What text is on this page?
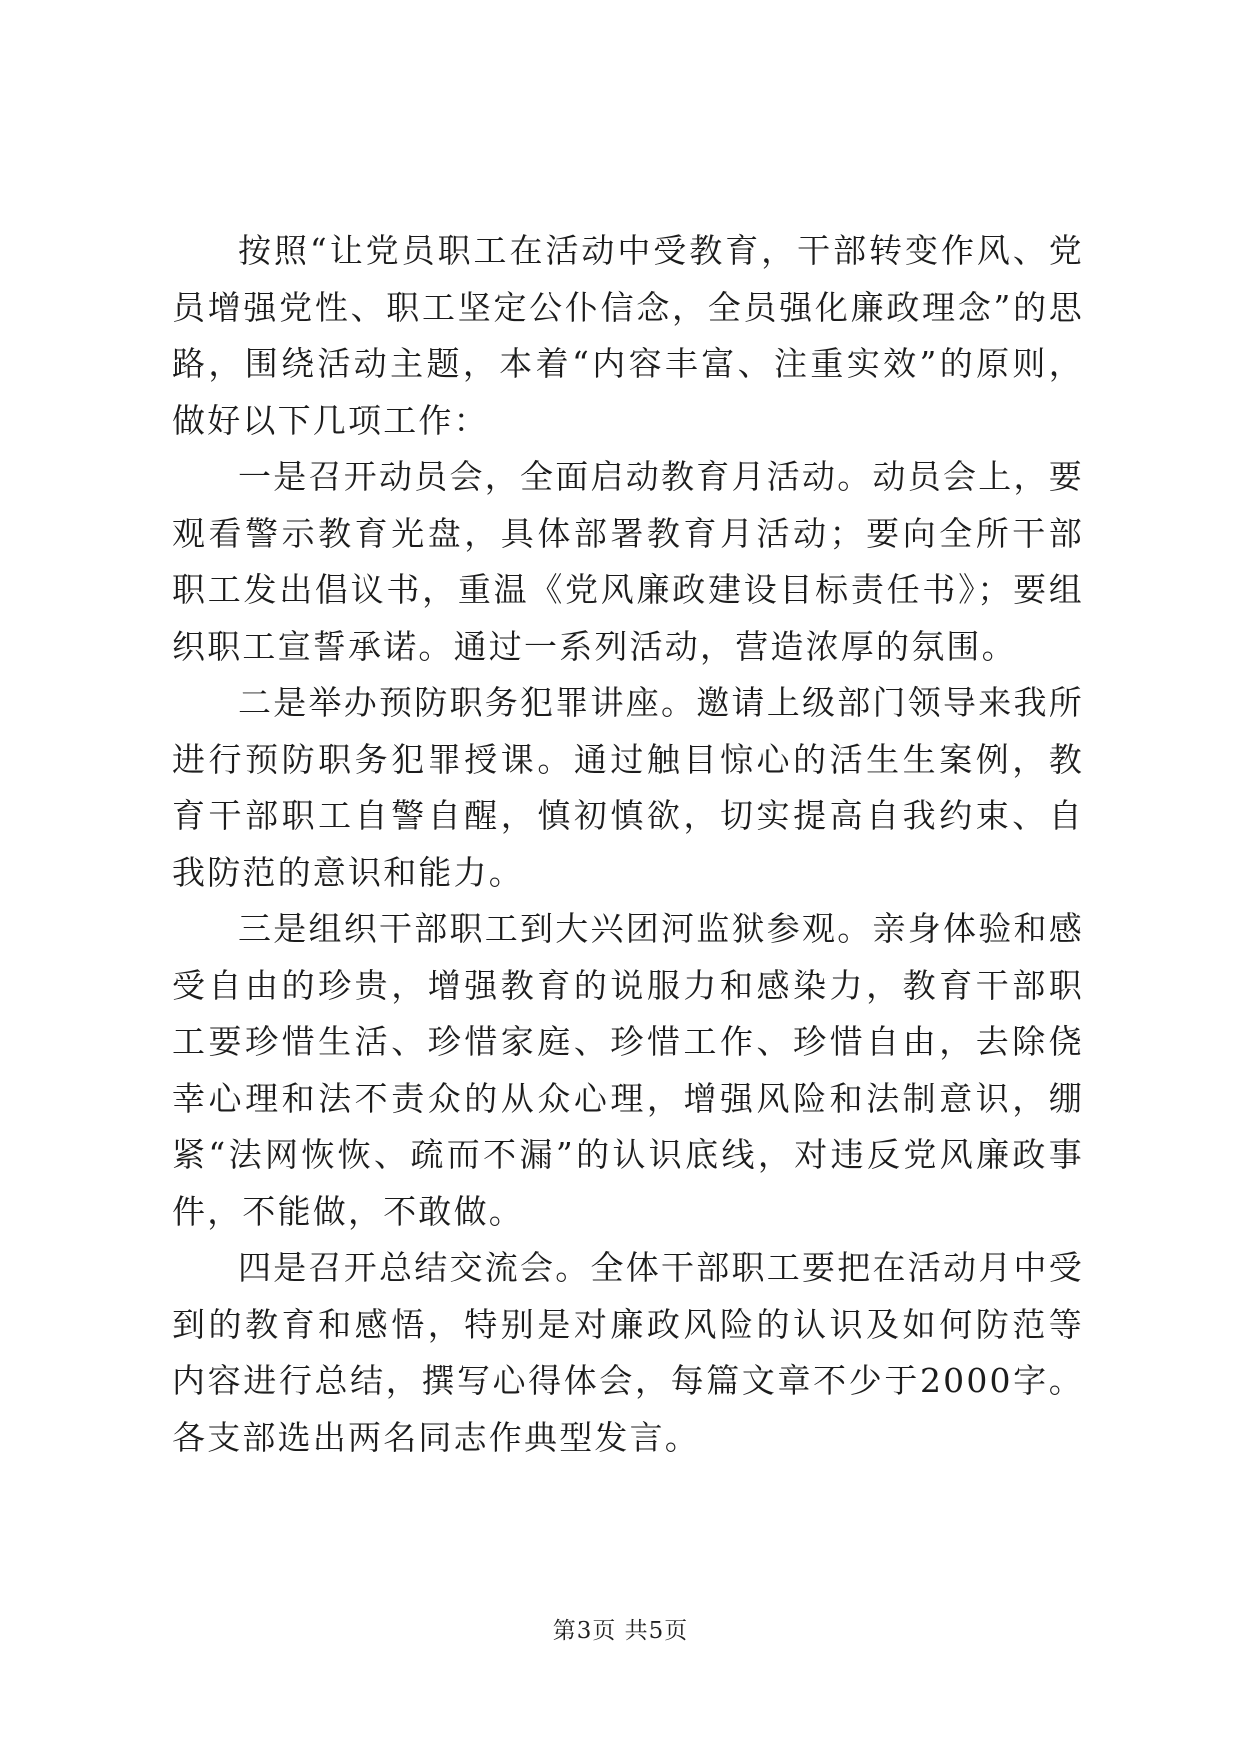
按照“让党员职工在活动中受教育，干部转变作风、党员增强党性、职工坚定公仆信念，全员强化廉政理念”的思路，围绕活动主题，本着“内容丰富、注重实效”的原则，做好以下几项工作：

一是召开动员会，全面启动教育月活动。动员会上，要观看警示教育光盘，具体部署教育月活动；要向全所干部职工发出倡议书，重温《党风廉政建设目标责任书》；要组织职工宣誓承诺。通过一系列活动，营造浓厚的氛围。

二是举办预防职务犯罪讲座。邀请上级部门领导来我所进行预防职务犯罪授课。通过触目惊心的活生生案例，教育干部职工自警自醒，慎初慎欲，切实提高自我约束、自我防范的意识和能力。

三是组织干部职工到大兴团河监狱参观。亲身体验和感受自由的珍贵，增强教育的说服力和感染力，教育干部职工要珍惜生活、珍惜家庭、珍惜工作、珍惜自由，去除侥幸心理和法不责众的从众心理，增强风险和法制意识，绷紧“法网恢恢、疏而不漏”的认识底线，对违反党风廉政事件，不能做，不敢做。

四是召开总结交流会。全体干部职工要把在活动月中受到的教育和感悟，特别是对廉政风险的认识及如何防范等内容进行总结，撰写心得体会，每篇文章不少于2000字。各支部选出两名同志作典型发言。

第3页 共5页
